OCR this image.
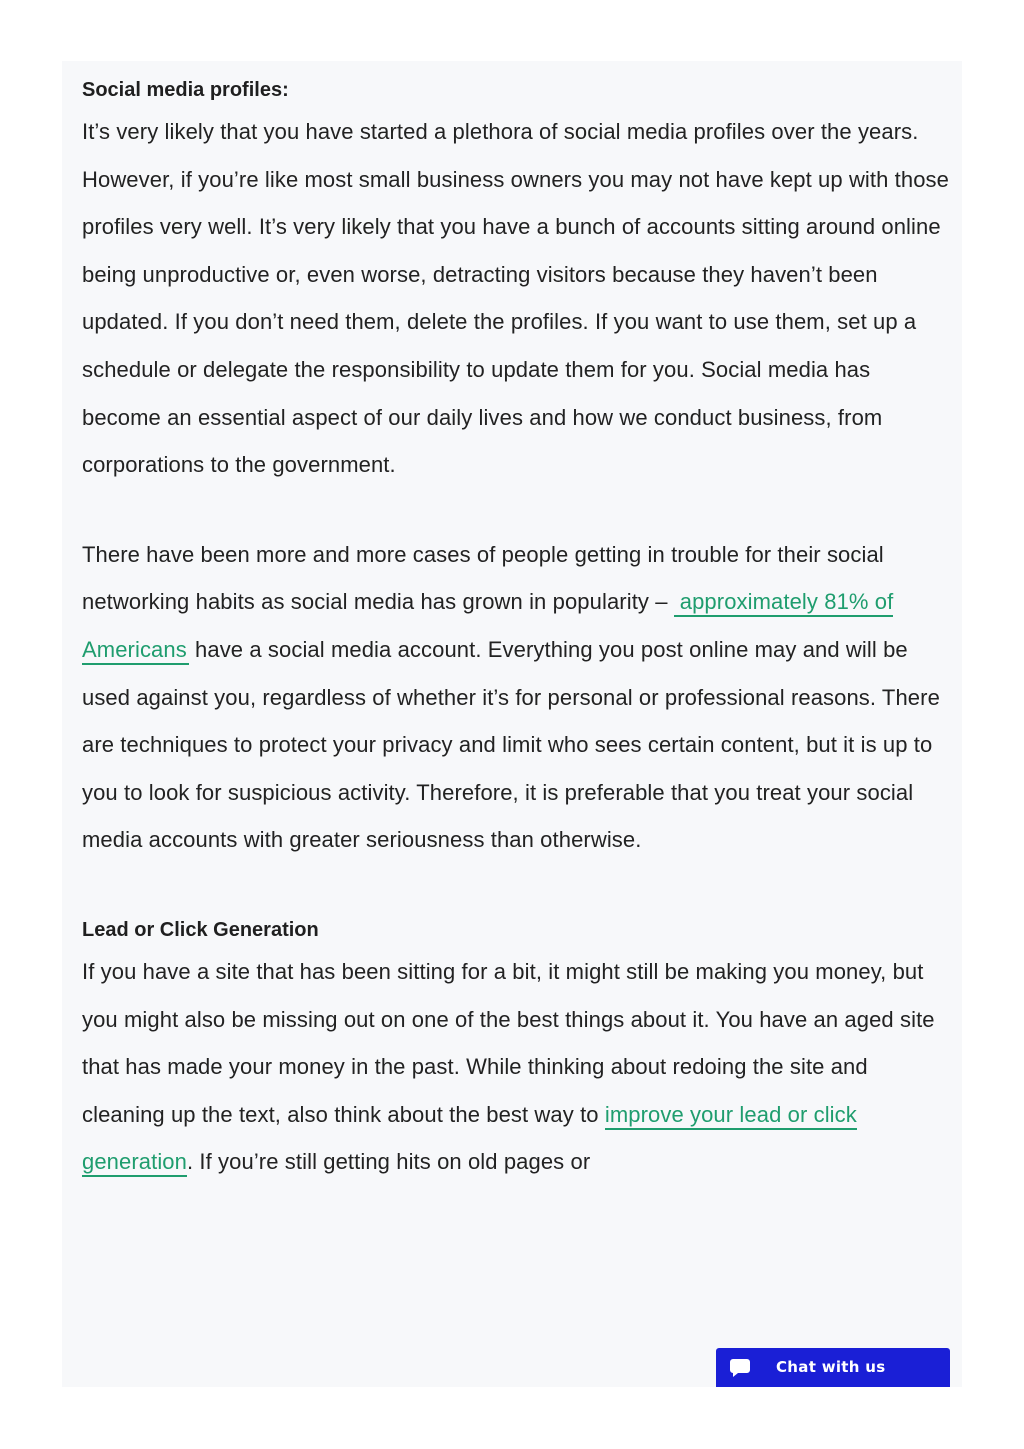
Social media profiles:

It’s very likely that you have started a plethora of social media profiles over the years. However, if you’re like most small business owners you may not have kept up with those profiles very well. It’s very likely that you have a bunch of accounts sitting around online being unproductive or, even worse, detracting visitors because they haven’t been updated. If you don’t need them, delete the profiles. If you want to use them, set up a schedule or delegate the responsibility to update them for you. Social media has become an essential aspect of our daily lives and how we conduct business, from corporations to the government.

There have been more and more cases of people getting in trouble for their social networking habits as social media has grown in popularity – approximately 81% of Americans have a social media account. Everything you post online may and will be used against you, regardless of whether it’s for personal or professional reasons. There are techniques to protect your privacy and limit who sees certain content, but it is up to you to look for suspicious activity. Therefore, it is preferable that you treat your social media accounts with greater seriousness than otherwise.

Lead or Click Generation

If you have a site that has been sitting for a bit, it might still be making you money, but you might also be missing out on one of the best things about it. You have an aged site that has made your money in the past. While thinking about redoing the site and cleaning up the text, also think about the best way to improve your lead or click generation. If you’re still getting hits on old pages or

Chat with us
